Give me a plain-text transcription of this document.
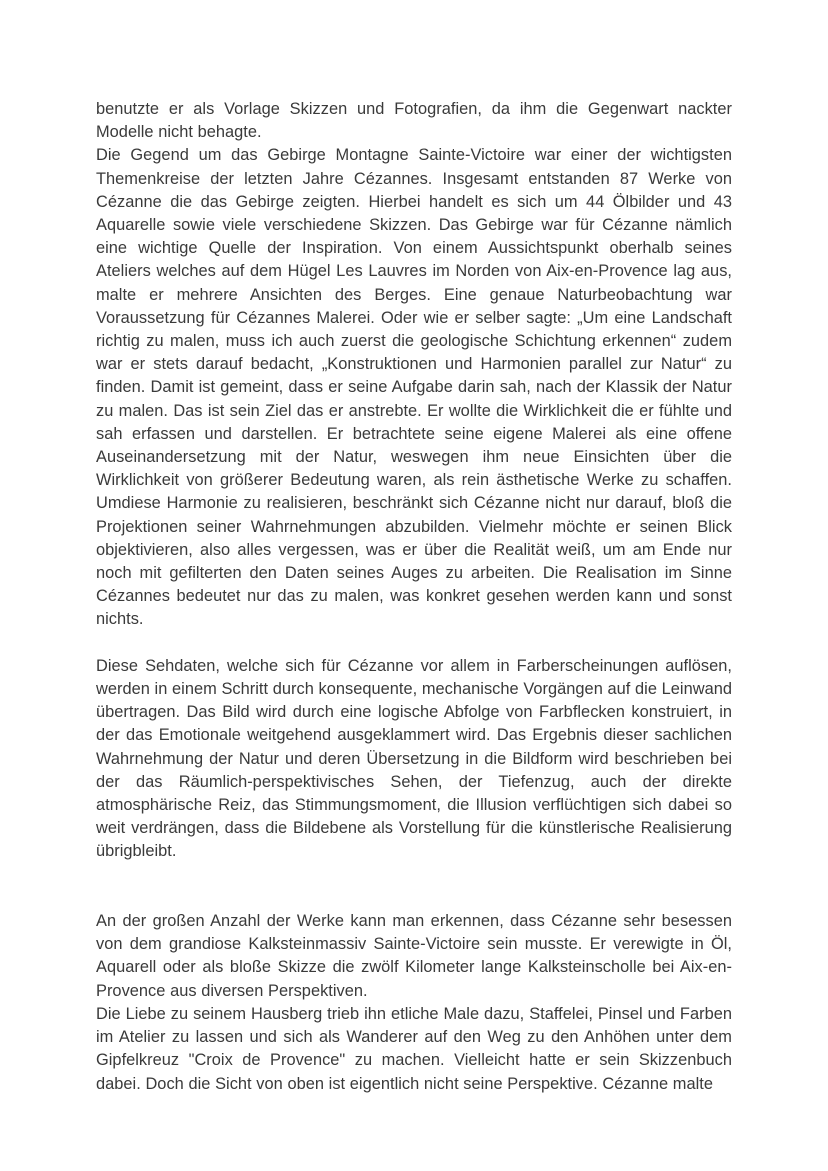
benutzte er als Vorlage Skizzen und Fotografien, da ihm die Gegenwart nackter Modelle nicht behagte.

Die Gegend um das Gebirge Montagne Sainte-Victoire war einer der wichtigsten Themenkreise der letzten Jahre Cézannes. Insgesamt entstanden 87 Werke von Cézanne die das Gebirge zeigten. Hierbei handelt es sich um 44 Ölbilder und 43 Aquarelle sowie viele verschiedene Skizzen. Das Gebirge war für Cézanne nämlich eine wichtige Quelle der Inspiration. Von einem Aussichtspunkt oberhalb seines Ateliers welches auf dem Hügel Les Lauvres im Norden von Aix-en-Provence lag aus, malte er mehrere Ansichten des Berges. Eine genaue Naturbeobachtung war Voraussetzung für Cézannes Malerei. Oder wie er selber sagte: „Um eine Landschaft richtig zu malen, muss ich auch zuerst die geologische Schichtung erkennen“ zudem war er stets darauf bedacht, „Konstruktionen und Harmonien parallel zur Natur“ zu finden. Damit ist gemeint, dass er seine Aufgabe darin sah, nach der Klassik der Natur zu malen. Das ist sein Ziel das er anstrebte. Er wollte die Wirklichkeit die er fühlte und sah erfassen und darstellen. Er betrachtete seine eigene Malerei als eine offene Auseinandersetzung mit der Natur, weswegen ihm neue Einsichten über die Wirklichkeit von größerer Bedeutung waren, als rein ästhetische Werke zu schaffen. Umdiese Harmonie zu realisieren, beschränkt sich Cézanne nicht nur darauf, bloß die Projektionen seiner Wahrnehmungen abzubilden. Vielmehr möchte er seinen Blick objektivieren, also alles vergessen, was er über die Realität weiß, um am Ende nur noch mit gefilterten den Daten seines Auges zu arbeiten. Die Realisation im Sinne Cézannes bedeutet nur das zu malen, was konkret gesehen werden kann und sonst nichts.

Diese Sehdaten, welche sich für Cézanne vor allem in Farberscheinungen auflösen, werden in einem Schritt durch konsequente, mechanische Vorgängen auf die Leinwand übertragen. Das Bild wird durch eine logische Abfolge von Farbflecken konstruiert, in der das Emotionale weitgehend ausgeklammert wird. Das Ergebnis dieser sachlichen Wahrnehmung der Natur und deren Übersetzung in die Bildform wird beschrieben bei der das Räumlich-perspektivisches Sehen, der Tiefenzug, auch der direkte atmosphärische Reiz, das Stimmungsmoment, die Illusion verflüchtigen sich dabei so weit verdrängen, dass die Bildebene als Vorstellung für die künstlerische Realisierung übrigbleibt.

An der großen Anzahl der Werke kann man erkennen, dass Cézanne sehr besessen von dem grandiose Kalksteinmassiv Sainte-Victoire sein musste. Er verewigte in Öl, Aquarell oder als bloße Skizze die zwölf Kilometer lange Kalksteinscholle bei Aix-en-Provence aus diversen Perspektiven.

Die Liebe zu seinem Hausberg trieb ihn etliche Male dazu, Staffelei, Pinsel und Farben im Atelier zu lassen und sich als Wanderer auf den Weg zu den Anhöhen unter dem Gipfelkreuz "Croix de Provence" zu machen. Vielleicht hatte er sein Skizzenbuch dabei. Doch die Sicht von oben ist eigentlich nicht seine Perspektive. Cézanne malte
